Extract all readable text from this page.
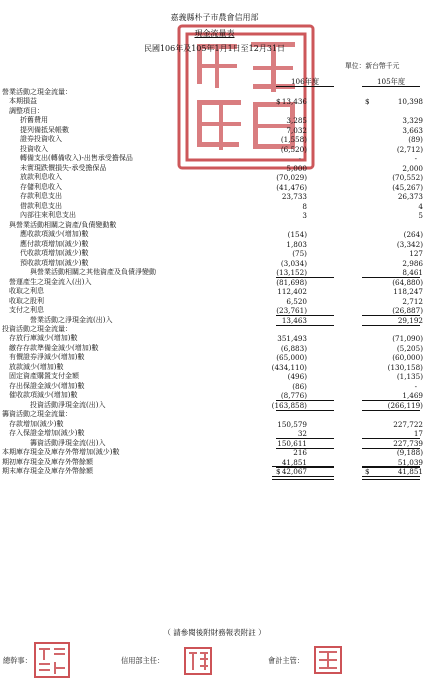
嘉義縣朴子市農會信用部
現金流量表
民國106年及105年1月1日至12月31日
單位：新台幣千元
106年度	105年度
營業活動之現金流量：
本期損益	13,436	10,398
$	$
調整項目：
折舊費用	3,285	3,329
提列備抵呆帳數	7,032	3,663
證券投資收入	(1,558)	(89)
投資收入	(6,520)	(2,712)
轉備支出(轉備收入)-出售承受擔保品	-	-
未實現跌價損失-承受擔保品	5,000	2,000
放款利息收入	(70,029)	(70,552)
存儲利息收入	(41,476)	(45,267)
存款利息支出	23,733	26,373
借款利息支出	8	4
內部往來利息支出	3	5
與營業活動相關之資產/負債變動數
應收款項減少(增加)數	(154)	(264)
應付款項增加(減少)數	1,803	(3,342)
代收款項增加(減少)數	(75)	127
預收款項增加(減少)數	(3,034)	2,986
與營業活動相關之其他資產及負債淨變動	(13,152)	8,461
營運產生之現金流入(出)入	(81,698)	(64,880)
收取之利息	112,402	118,247
收取之股利	6,520	2,712
支付之利息	(23,761)	(26,887)
營業活動之淨現金流(出)入	13,463	29,192
投資活動之現金流量：
存放行庫減少(增加)數	351,493	(71,090)
繳存存款準備金減少(增加)數	(6,883)	(5,205)
有價證券淨減少(增加)數	(65,000)	(60,000)
放款減少(增加)數	(434,110)	(130,158)
固定資產購置支付金額	(496)	(1,135)
存出保證金減少(增加)數	(86)	-
催收款項減少(增加)數	(8,776)	1,469
投資活動淨現金流(出)入	(163,858)	(266,119)
籌資活動之現金流量：
存款增加(減少)數	150,579	227,722
存入保證金增加(減少)數	32	17
籌資活動淨現金流(出)入	150,611	227,739
本期庫存現金及庫存外幣增加(減少)數	216	(9,188)
期初庫存現金及庫存外幣餘額	41,851	51,039
期末庫存現金及庫存外幣餘額	42,067	41,851
$	$
（ 請參閱後附財務報表附註 ）
總幹事：	信用部主任：	會計主管：
